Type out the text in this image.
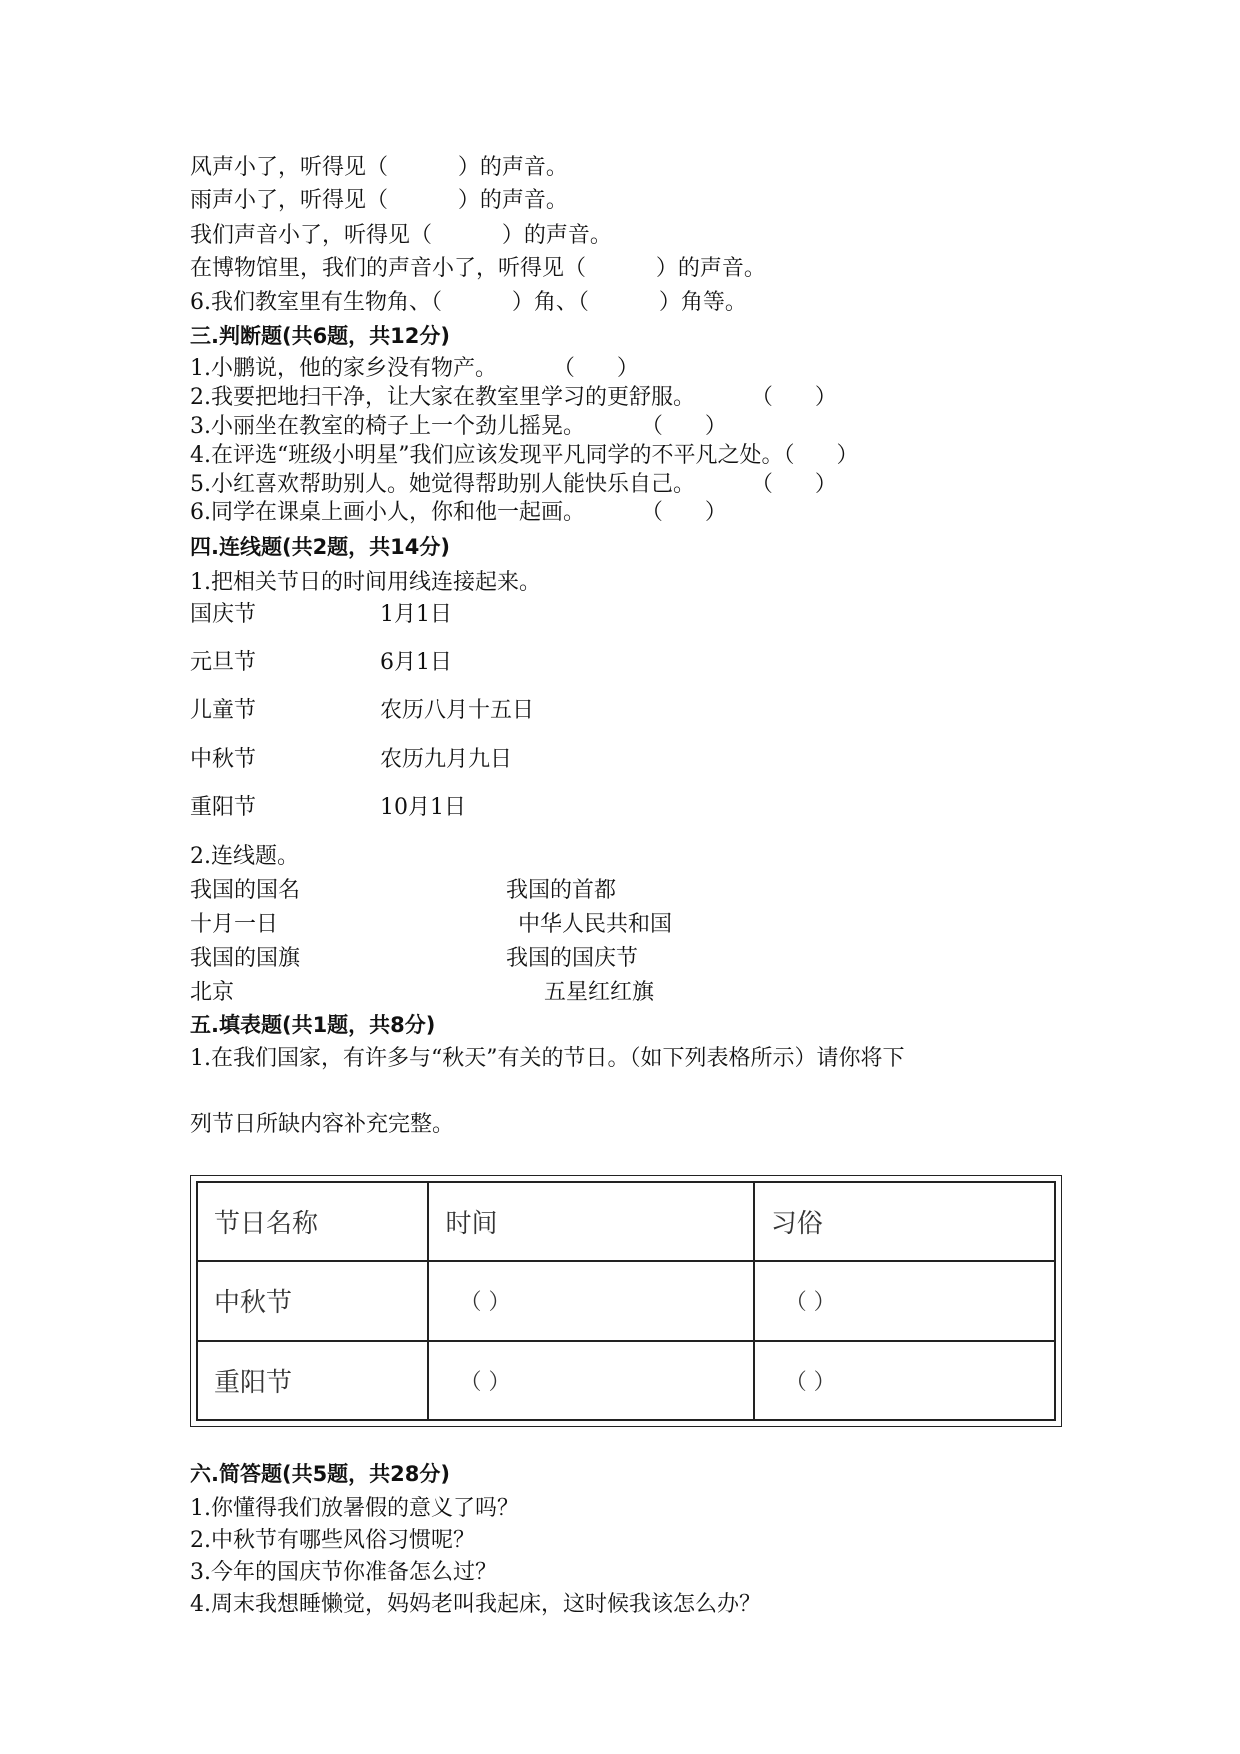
风声小了，听得见（          ）的声音。
雨声小了，听得见（          ）的声音。
我们声音小了，听得见（          ）的声音。
在博物馆里，我们的声音小了，听得见（          ）的声音。
6.我们教室里有生物角、（          ）角、（          ）角等。
三.判断题(共6题，共12分)
1.小鹏说，他的家乡没有物产。        （      ）
2.我要把地扫干净，让大家在教室里学习的更舒服。        （      ）
3.小丽坐在教室的椅子上一个劲儿摇晃。        （      ）
4.在评选“班级小明星”我们应该发现平凡同学的不平凡之处。（      ）
5.小红喜欢帮助别人。她觉得帮助别人能快乐自己。        （      ）
6.同学在课桌上画小人，你和他一起画。        （      ）
四.连线题(共2题，共14分)
1.把相关节日的时间用线连接起来。
国庆节	1月1日
元旦节	6月1日
儿童节	农历八月十五日
中秋节	农历九月九日
重阳节	10月1日
2.连线题。
我国的国名	我国的首都
十月一日	中华人民共和国
我国的国旗	我国的国庆节
北京	五星红红旗
五.填表题(共1题，共8分)
1.在我们国家，有许多与“秋天”有关的节日。（如下列表格所示）请你将下
列节日所缺内容补充完整。
节日名称	时间	习俗
中秋节	（ ）	（ ）
重阳节	（ ）	（ ）
六.简答题(共5题，共28分)
1.你懂得我们放暑假的意义了吗？
2.中秋节有哪些风俗习惯呢？
3.今年的国庆节你准备怎么过？
4.周末我想睡懒觉，妈妈老叫我起床，这时候我该怎么办？
